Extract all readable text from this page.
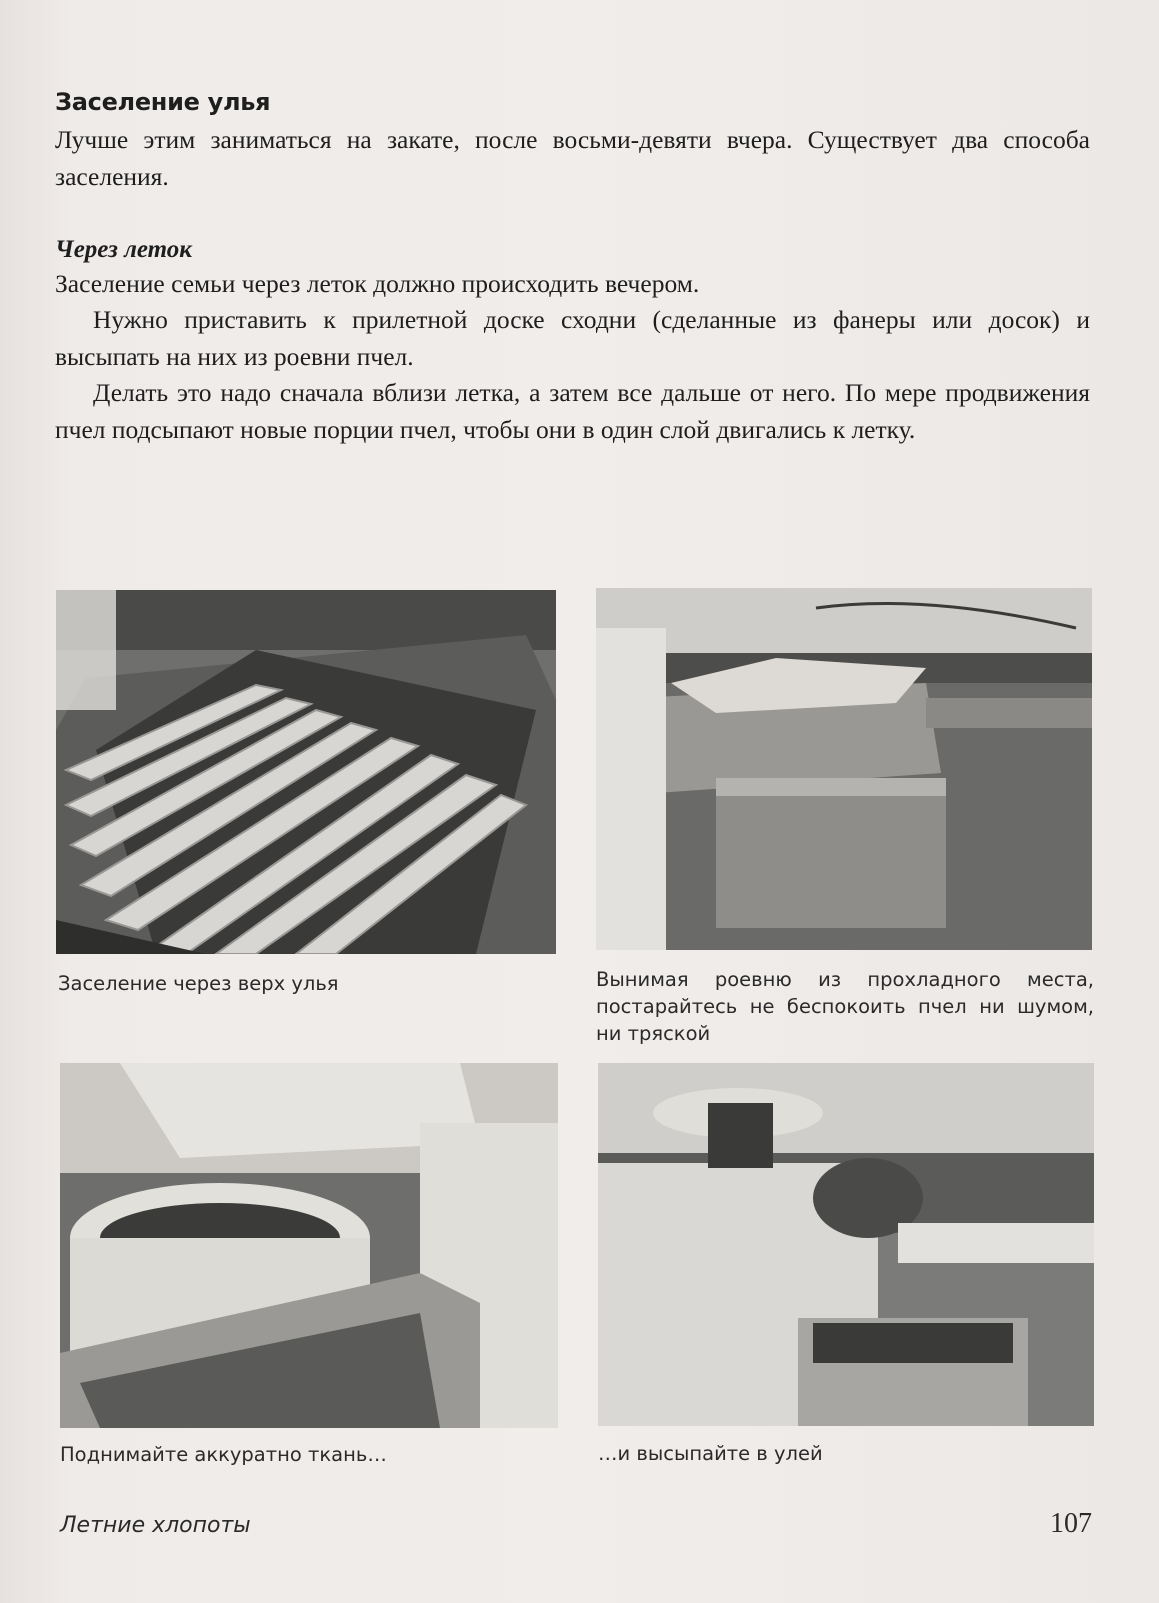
Заселение улья

Лучше этим заниматься на закате, после восьми-девяти вчера. Существует два способа заселения.

Через леток

Заселение семьи через леток должно происходить вечером.

Нужно приставить к прилетной доске сходни (сделанные из фанеры или досок) и высыпать на них из роевни пчел.

Делать это надо сначала вблизи летка, а затем все дальше от него. По мере продвижения пчел подсыпают новые порции пчел, чтобы они в один слой двигались к летку.

Заселение через верх улья	Вынимая роевню из прохладного места, постарайтесь не беспокоить пчел ни шумом, ни тряской

Поднимайте аккуратно ткань…	…и высыпайте в улей

Летние хлопоты	107
